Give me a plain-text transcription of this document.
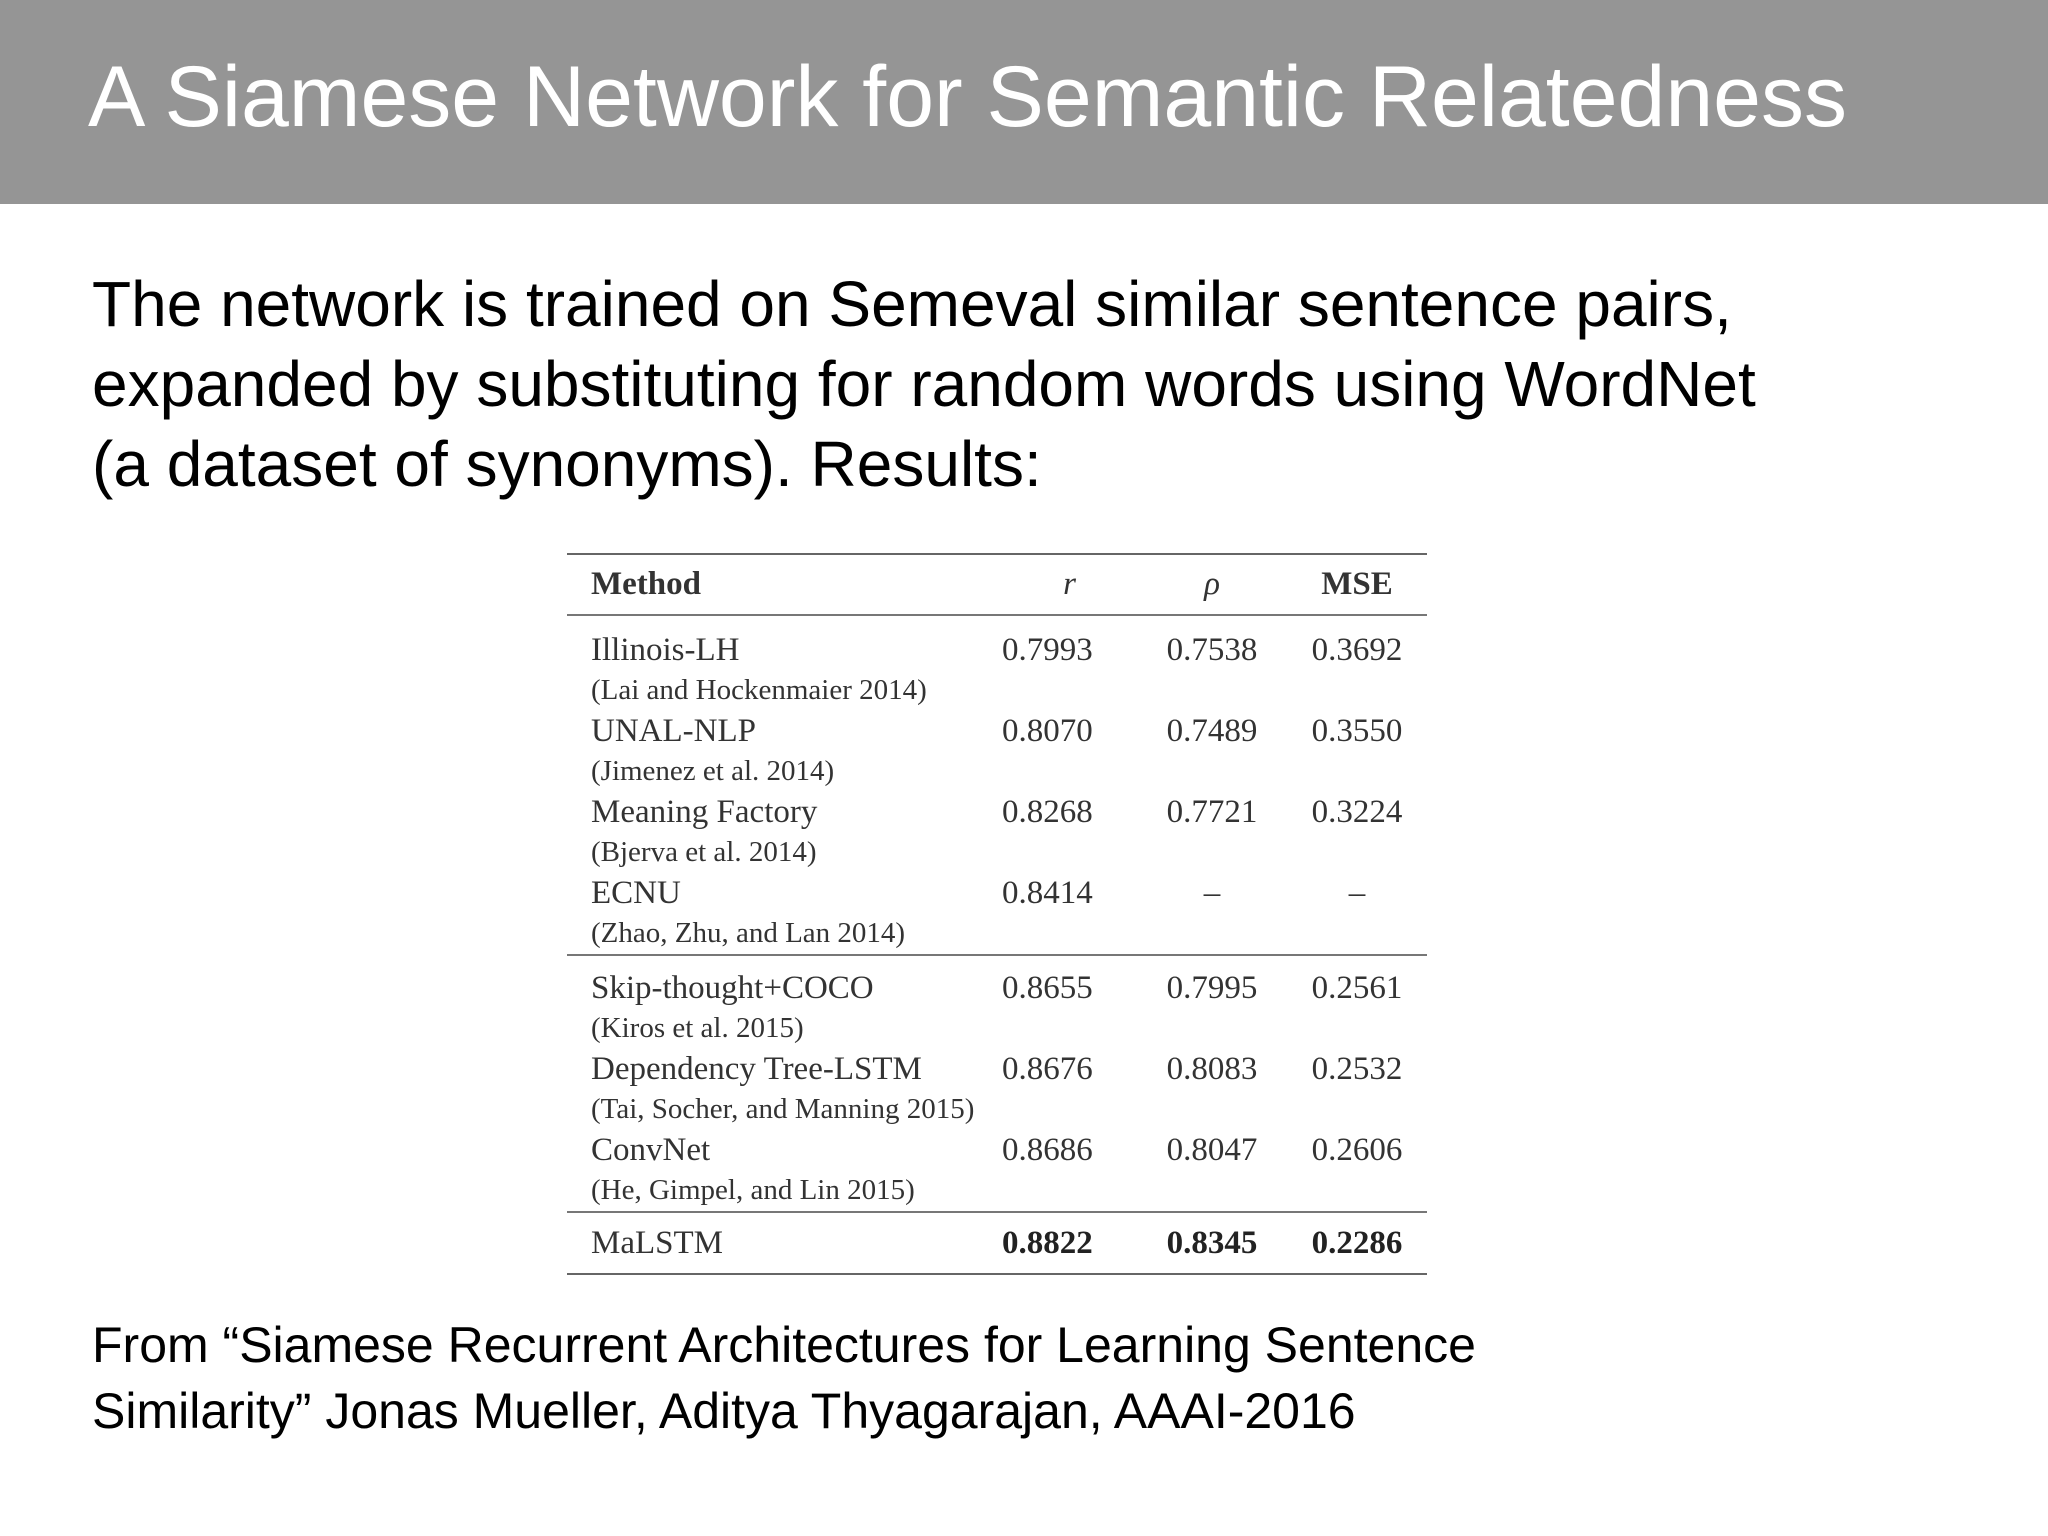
A Siamese Network for Semantic Relatedness

The network is trained on Semeval similar sentence pairs,
expanded by substituting for random words using WordNet
(a dataset of synonyms). Results:

Method	r	ρ	MSE

Illinois-LH	0.7993	0.7538	0.3692
(Lai and Hockenmaier 2014)			
UNAL-NLP	0.8070	0.7489	0.3550
(Jimenez et al. 2014)			
Meaning Factory	0.8268	0.7721	0.3224
(Bjerva et al. 2014)			
ECNU	0.8414	–	–
(Zhao, Zhu, and Lan 2014)			

Skip-thought+COCO	0.8655	0.7995	0.2561
(Kiros et al. 2015)			
Dependency Tree-LSTM	0.8676	0.8083	0.2532
(Tai, Socher, and Manning 2015)			
ConvNet	0.8686	0.8047	0.2606
(He, Gimpel, and Lin 2015)			
MaLSTM	0.8822	0.8345	0.2286

From “Siamese Recurrent Architectures for Learning Sentence
Similarity” Jonas Mueller, Aditya Thyagarajan, AAAI-2016
